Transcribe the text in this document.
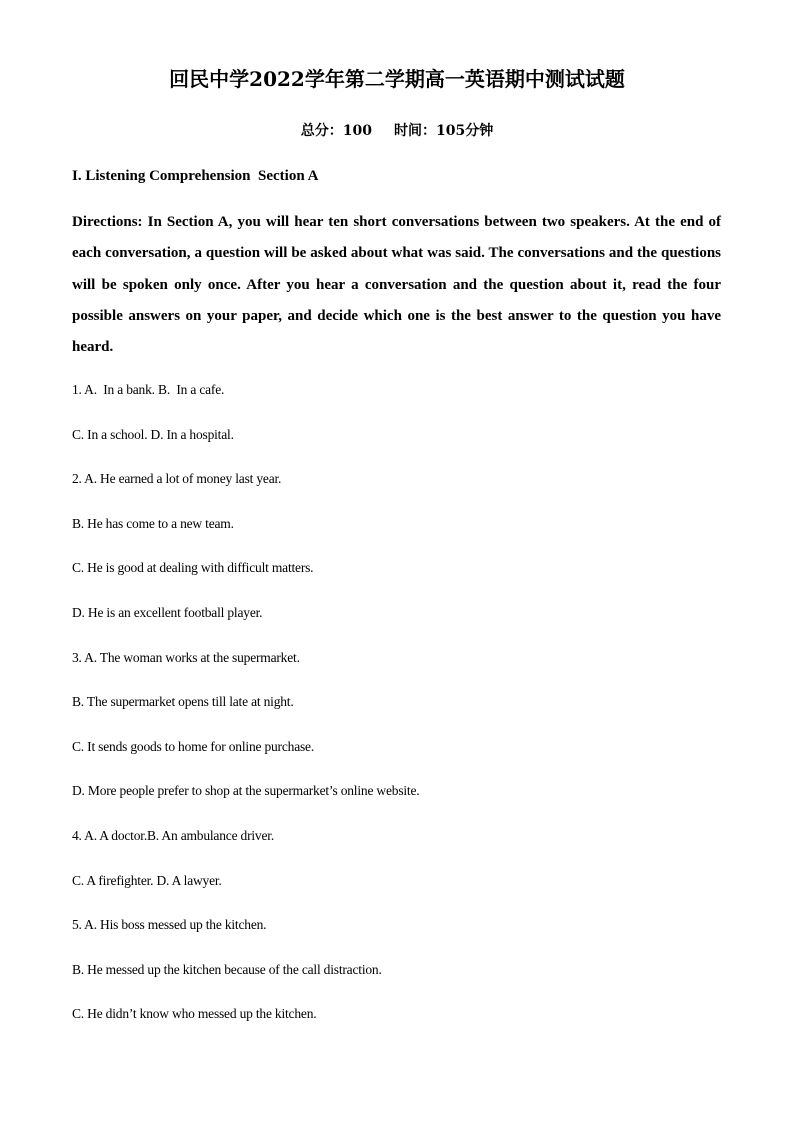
回民中学2022学年第二学期高一英语期中测试试题
总分：100 时间：105分钟
I. Listening Comprehension  Section A
Directions: In Section A, you will hear ten short conversations between two speakers. At the end of each conversation, a question will be asked about what was said. The conversations and the questions will be spoken only once. After you hear a conversation and the question about it, read the four possible answers on your paper, and decide which one is the best answer to the question you have heard.
1. A.  In a bank. B.  In a cafe.
C. In a school. D. In a hospital.
2. A. He earned a lot of money last year.
B. He has come to a new team.
C. He is good at dealing with difficult matters.
D. He is an excellent football player.
3. A. The woman works at the supermarket.
B. The supermarket opens till late at night.
C. It sends goods to home for online purchase.
D. More people prefer to shop at the supermarket’s online website.
4. A. A doctor.B. An ambulance driver.
C. A firefighter. D. A lawyer.
5. A. His boss messed up the kitchen.
B. He messed up the kitchen because of the call distraction.
C. He didn’t know who messed up the kitchen.
